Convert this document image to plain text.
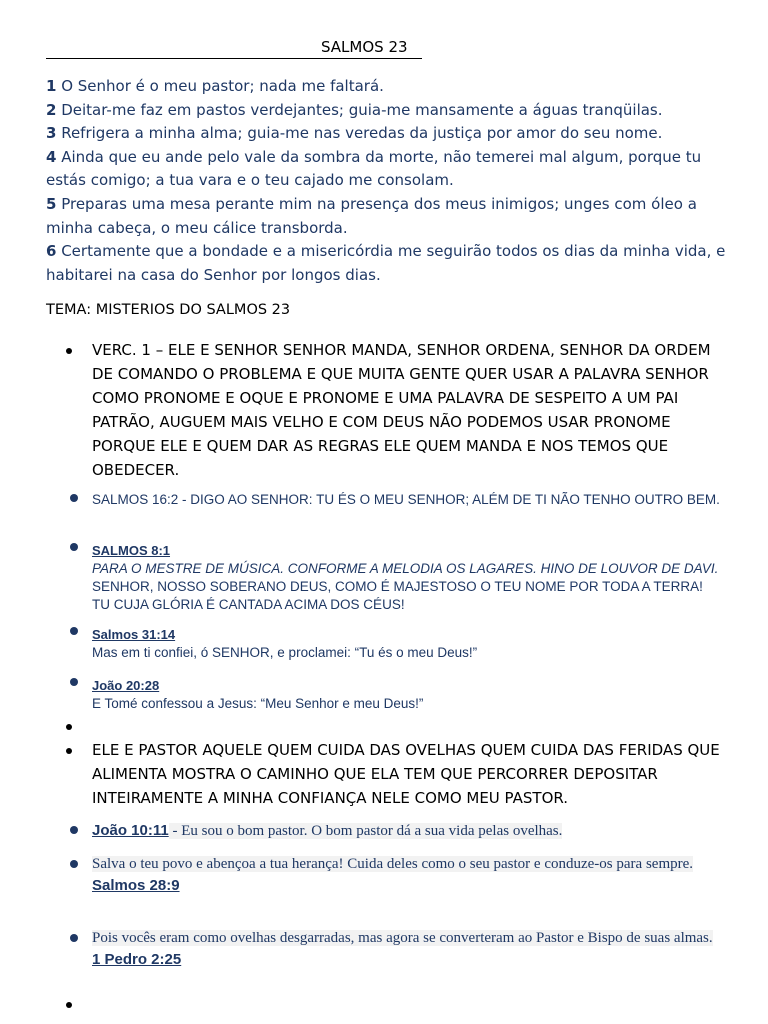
SALMOS 23
1 O Senhor é o meu pastor; nada me faltará.
2 Deitar-me faz em pastos verdejantes; guia-me mansamente a águas tranqüilas.
3 Refrigera a minha alma; guia-me nas veredas da justiça por amor do seu nome.
4 Ainda que eu ande pelo vale da sombra da morte, não temerei mal algum, porque tu estás comigo; a tua vara e o teu cajado me consolam.
5 Preparas uma mesa perante mim na presença dos meus inimigos; unges com óleo a minha cabeça, o meu cálice transborda.
6 Certamente que a bondade e a misericórdia me seguirão todos os dias da minha vida, e habitarei na casa do Senhor por longos dias.
TEMA: MISTERIOS DO SALMOS 23
VERC. 1 – ELE E SENHOR SENHOR MANDA, SENHOR ORDENA, SENHOR DA ORDEM DE COMANDO O PROBLEMA E QUE MUITA GENTE QUER USAR A PALAVRA SENHOR COMO PRONOME E OQUE E PRONOME E UMA PALAVRA DE SESPEITO A UM PAI PATRÃO, AUGUEM MAIS VELHO E COM DEUS NÃO PODEMOS USAR PRONOME PORQUE ELE E QUEM DAR AS REGRAS ELE QUEM MANDA E NOS TEMOS QUE OBEDECER.
SALMOS 16:2 - DIGO AO SENHOR: TU ÉS O MEU SENHOR; ALÉM DE TI NÃO TENHO OUTRO BEM.
SALMOS 8:1
PARA O MESTRE DE MÚSICA. CONFORME A MELODIA OS LAGARES. HINO DE LOUVOR DE DAVI. SENHOR, NOSSO SOBERANO DEUS, COMO É MAJESTOSO O TEU NOME POR TODA A TERRA! TU CUJA GLÓRIA É CANTADA ACIMA DOS CÉUS!
Salmos 31:14
Mas em ti confiei, ó SENHOR, e proclamei: “Tu és o meu Deus!”
João 20:28
E Tomé confessou a Jesus: “Meu Senhor e meu Deus!”
ELE E PASTOR AQUELE QUEM CUIDA DAS OVELHAS QUEM CUIDA DAS FERIDAS QUE ALIMENTA MOSTRA O CAMINHO QUE ELA TEM QUE PERCORRER DEPOSITAR INTEIRAMENTE A MINHA CONFIANÇA NELE COMO MEU PASTOR.
João 10:11 - Eu sou o bom pastor. O bom pastor dá a sua vida pelas ovelhas.
Salva o teu povo e abençoa a tua herança! Cuida deles como o seu pastor e conduze-os para sempre.
Salmos 28:9
Pois vocês eram como ovelhas desgarradas, mas agora se converteram ao Pastor e Bispo de suas almas.
1 Pedro 2:25
